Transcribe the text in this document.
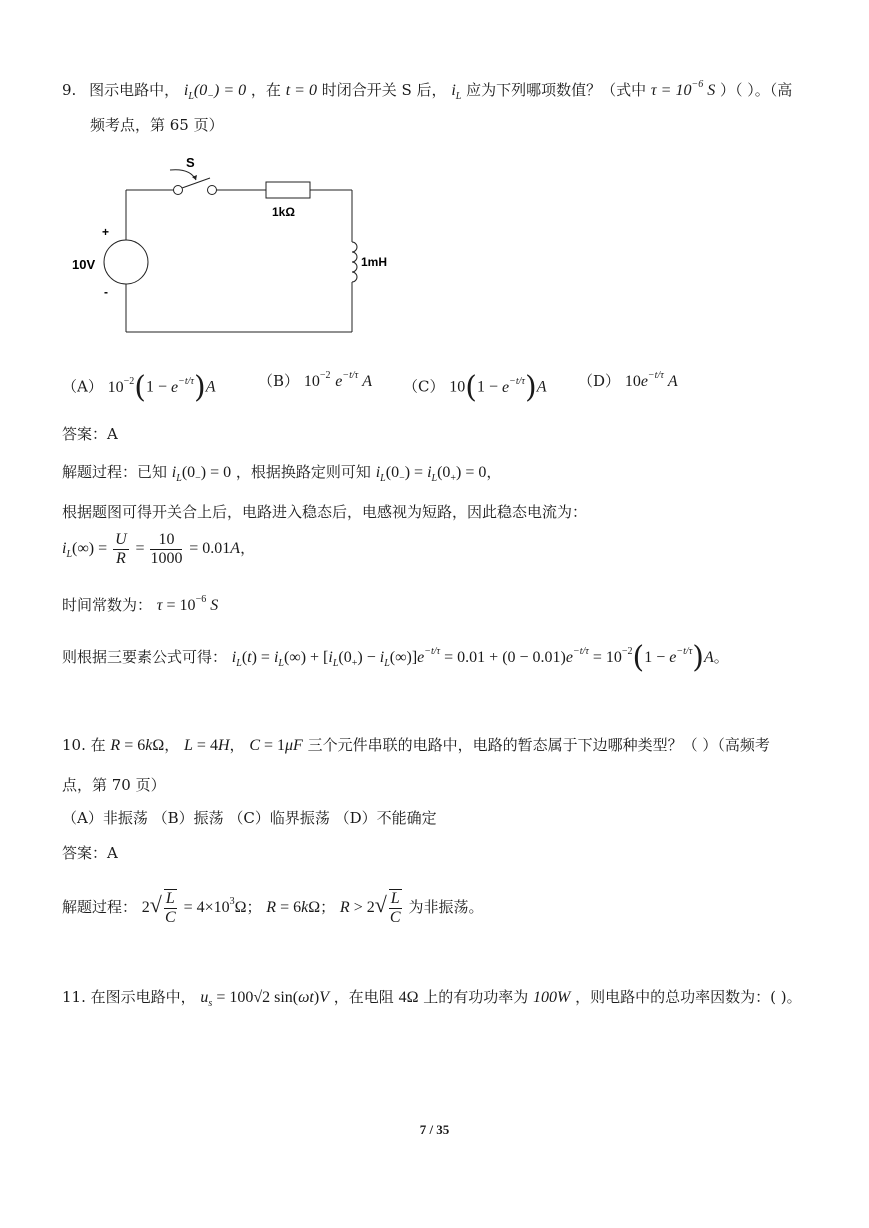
9. 图示电路中， $i_L(0_-) = 0$ ，在 t = 0 时闭合开关 S 后， $i_L$ 应为下列哪项数值？（式中 $\tau = 10^{-6}$ S ）（ ）。（高
频考点，第 65 页）
S
1kΩ
+
-
10V	1mH
（A） $10^{-2}(1 - e^{-t/\tau})A$	（B） $10^{-2}$ $e^{-t/\tau}$ A （C） $10(1 - e^{-t/\tau})A$ （D） $10e^{-t/\tau}$ A
答案：A
解题过程：已知 $i_L(0_-) = 0$ ，根据换路定则可知 $i_L(0_-) = i_L(0_+) = 0$，
根据题图可得开关合上后，电路进入稳态后，电感视为短路，因此稳态电流为：
$i_L(\infty) = \frac{U}{R} = \frac{10}{1000} = 0.01A$，
时间常数为： $\tau = 10^{-6}$ S
则根据三要素公式可得： $i_L(t) = i_L(\infty) + [i_L(0_+) - i_L(\infty)]e^{-t/\tau} = 0.01 + (0 - 0.01)e^{-t/\tau} = 10^{-2}(1 - e^{-t/\tau})A$。
10. 在 R = 6kΩ， L = 4H， C = 1μF 三个元件串联的电路中，电路的暂态属于下边哪种类型？（ ）（高频考
点，第 70 页）
（A）非振荡 （B）振荡 （C）临界振荡 （D）不能确定
答案：A
解题过程： $2√ \frac{L}{C} = 4\times 10^3\Omega$； R = 6kΩ； $R > 2√ \frac{L}{C}$ 为非振荡。
11. 在图示电路中， $u_s = 100√2$ sin(ωt)V ，在电阻 4Ω 上的有功功率为 100W ，则电路中的总功率因数为：( )。
7 / 35
